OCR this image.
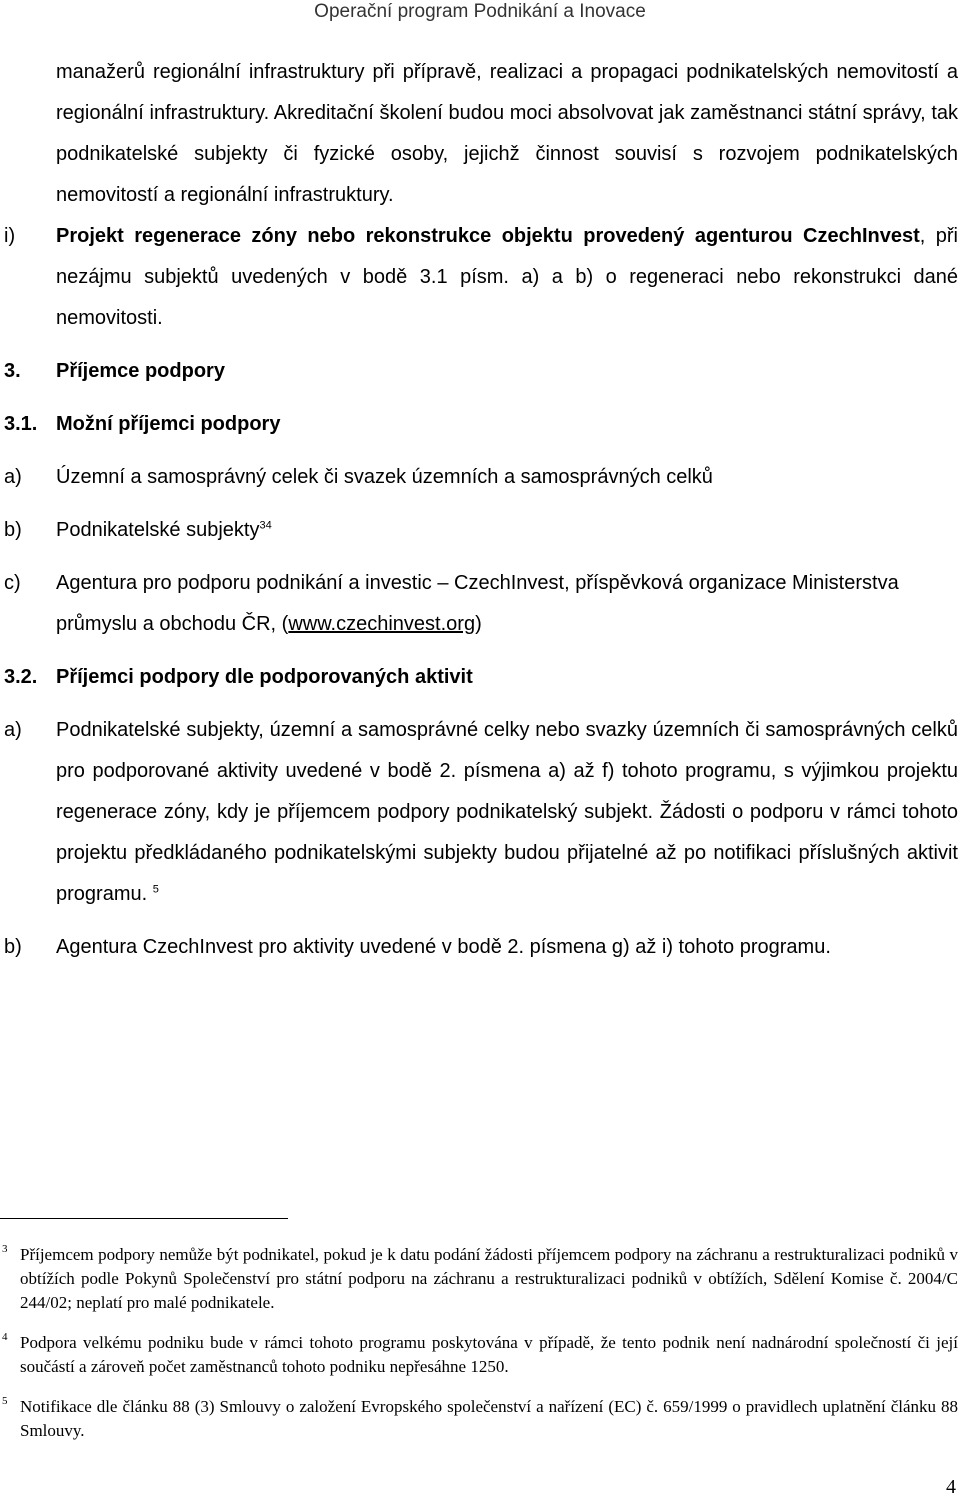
Operační program Podnikání a Inovace

manažerů regionální infrastruktury při přípravě, realizaci a propagaci podnikatelských nemovitostí a regionální infrastruktury. Akreditační školení budou moci absolvovat jak zaměstnanci státní správy, tak podnikatelské subjekty či fyzické osoby, jejichž činnost souvisí s rozvojem podnikatelských nemovitostí a regionální infrastruktury.

i) Projekt regenerace zóny nebo rekonstrukce objektu provedený agenturou CzechInvest, při nezájmu subjektů uvedených v bodě 3.1 písm. a) a b) o regeneraci nebo rekonstrukci dané nemovitosti.

3. Příjemce podpory

3.1. Možní příjemci podpory

a) Územní a samosprávný celek či svazek územních a samosprávných celků
b) Podnikatelské subjekty$^{34}$
c) Agentura pro podporu podnikání a investic – CzechInvest, příspěvková organizace Ministerstva průmyslu a obchodu ČR, (www.czechinvest.org)

3.2. Příjemci podpory dle podporovaných aktivit

a) Podnikatelské subjekty, územní a samosprávné celky nebo svazky územních či samosprávných celků pro podporované aktivity uvedené v bodě 2. písmena a) až f) tohoto programu, s výjimkou projektu regenerace zóny, kdy je příjemcem podpory podnikatelský subjekt. Žádosti o podporu v rámci tohoto projektu předkládaného podnikatelskými subjekty budou přijatelné až po notifikaci příslušných aktivit programu. $^5$
b) Agentura CzechInvest pro aktivity uvedené v bodě 2. písmena g) až i) tohoto programu.
3 Příjemcem podpory nemůže být podnikatel, pokud je k datu podání žádosti příjemcem podpory na záchranu a restrukturalizaci podniků v obtížích podle Pokynů Společenství pro státní podporu na záchranu a restrukturalizaci podniků v obtížích, Sdělení Komise č. 2004/C 244/02; neplatí pro malé podnikatele.
4 Podpora velkému podniku bude v rámci tohoto programu poskytována v případě, že tento podnik není nadnárodní společností či její součástí a zároveň počet zaměstnanců tohoto podniku nepřesáhne 1250.
5 Notifikace dle článku 88 (3) Smlouvy o založení Evropského společenství a nařízení (EC) č. 659/1999 o pravidlech uplatnění článku 88 Smlouvy.
4
